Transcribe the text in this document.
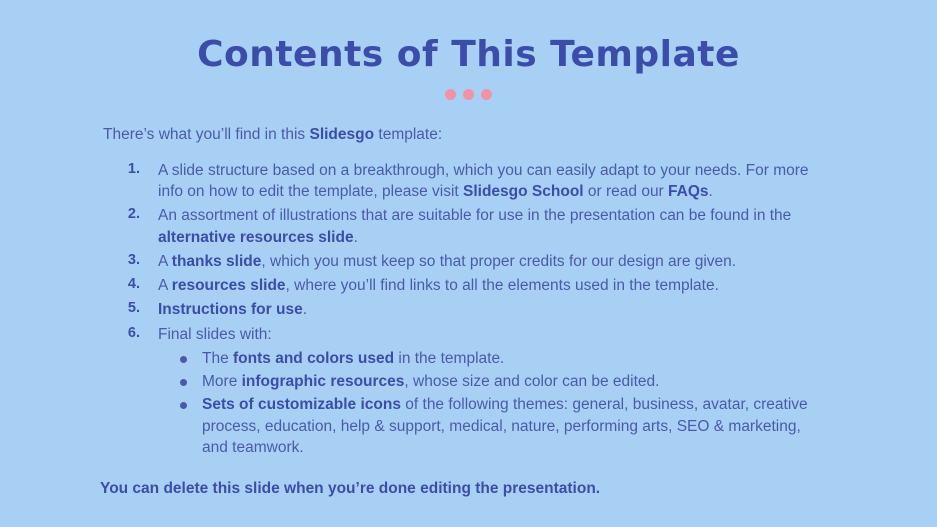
Contents of This Template

There’s what you’ll find in this Slidesgo template:

A slide structure based on a breakthrough, which you can easily adapt to your needs. For more info on how to edit the template, please visit Slidesgo School or read our FAQs.
An assortment of illustrations that are suitable for use in the presentation can be found in the alternative resources slide.
A thanks slide, which you must keep so that proper credits for our design are given.
A resources slide, where you’ll find links to all the elements used in the template.
Instructions for use.
Final slides with:
The fonts and colors used in the template.
More infographic resources, whose size and color can be edited.
Sets of customizable icons of the following themes: general, business, avatar, creative process, education, help & support, medical, nature, performing arts, SEO & marketing, and teamwork.

You can delete this slide when you’re done editing the presentation.
